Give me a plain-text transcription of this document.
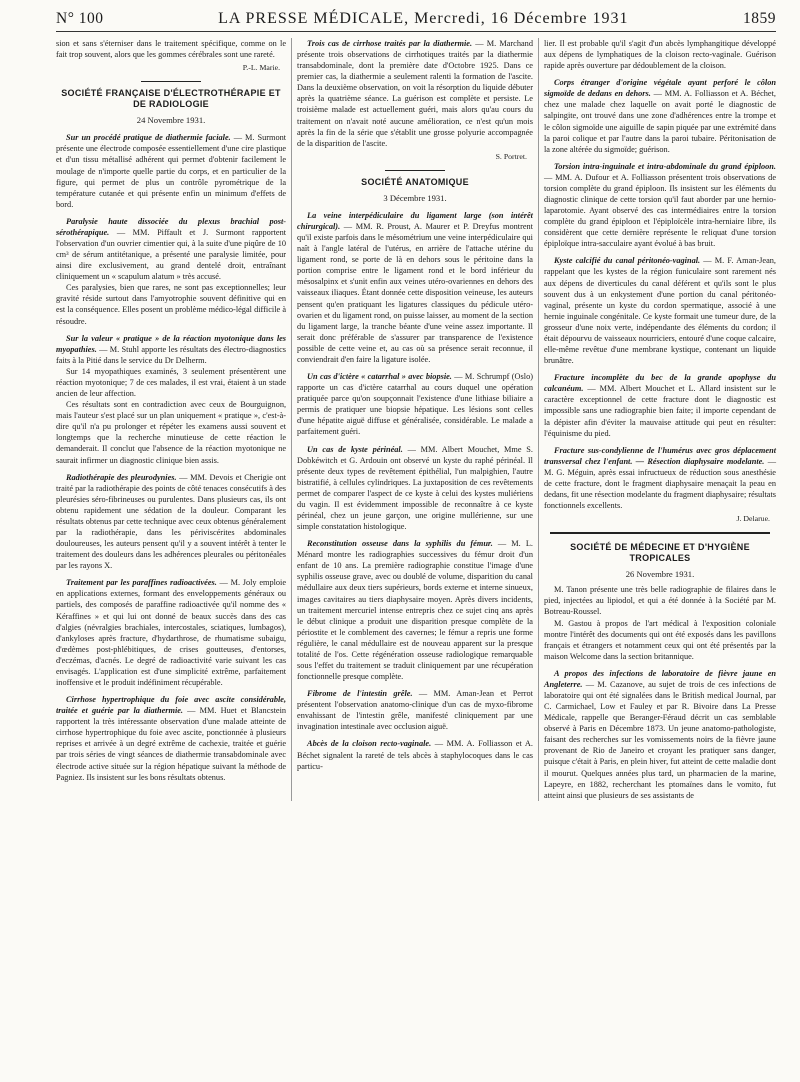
N° 100	LA PRESSE MÉDICALE, Mercredi, 16 Décembre 1931	1859

sion et sans s'éterniser dans le traitement spécifique, comme on le fait trop souvent, alors que les gommes cérébrales sont une rareté.

P.-L. Marie.
SOCIÉTÉ FRANÇAISE D'ÉLECTROTHÉRAPIE ET DE RADIOLOGIE
24 Novembre 1931.

Sur un procédé pratique de diathermie faciale. — M. Surmont présente une électrode composée essentiellement d'une cire plastique et d'un tissu métallisé adhérent qui permet d'obtenir facilement le moulage de n'importe quelle partie du corps, et en particulier de la figure, qui permet de plus un contrôle pyrométrique de la température cutanée et qui présente enfin un minimum d'effets de bord.

Paralysie haute dissociée du plexus brachial post-sérothérapique. — MM. Piffault et J. Surmont rapportent l'observation d'un ouvrier cimentier qui, à la suite d'une piqûre de 10 cm³ de sérum antitétanique, a présenté une paralysie limitée, pour ainsi dire exclusivement, au grand dentelé droit, entraînant cliniquement un « scapulum alatum » très accusé.

Ces paralysies, bien que rares, ne sont pas exceptionnelles; leur gravité réside surtout dans l'amyotrophie souvent définitive qui en est la conséquence. Elles posent un problème médico-légal difficile à résoudre.

Sur la valeur « pratique » de la réaction myotonique dans les myopathies. — M. Stuhl apporte les résultats des électro-diagnostics faits à la Pitié dans le service du Dr Delherm.

Sur 14 myopathiques examinés, 3 seulement présentèrent une réaction myotonique; 7 de ces malades, il est vrai, étaient à un stade ancien de leur affection.

Ces résultats sont en contradiction avec ceux de Bourguignon, mais l'auteur s'est placé sur un plan uniquement « pratique », c'est-à-dire qu'il n'a pu prolonger et répéter les examens aussi souvent et longtemps que la recherche minutieuse de cette réaction le demanderait. Il conclut que l'absence de la réaction myotonique ne saurait infirmer un diagnostic clinique bien assis.

Radiothérapie des pleurodynies. — MM. Devois et Cherigie ont traité par la radiothérapie des points de côté tenaces consécutifs à des pleurésies séro-fibrineuses ou purulentes. Dans plusieurs cas, ils ont obtenu rapidement une sédation de la douleur. Comparant les résultats obtenus par cette technique avec ceux obtenus généralement par la radiothérapie, dans les périviscérites abdominales douloureuses, les auteurs pensent qu'il y a souvent intérêt à tenter le traitement des douleurs dans les adhérences pleurales ou péritonéales par les rayons X.

Traitement par les paraffines radioactivées. — M. Joly emploie en applications externes, formant des enveloppements généraux ou partiels, des composés de paraffine radioactivée qu'il nomme des « Kéraffines » et qui lui ont donné de beaux succès dans des cas d'algies (névralgies brachiales, intercostales, sciatiques, lumbagos), d'ankyloses après fracture, d'hydarthrose, de rhumatisme subaigu, d'œdèmes post-phlébitiques, de crises goutteuses, d'entorses, d'eczémas, d'acnés. Le degré de radioactivité varie suivant les cas envisagés. L'application est d'une simplicité extrême, parfaitement inoffensive et le produit indéfiniment récupérable.

Cirrhose hypertrophique du foie avec ascite considérable, traitée et guérie par la diathermie. — MM. Huet et Blancstein rapportent la très intéressante observation d'une malade atteinte de cirrhose hypertrophique du foie avec ascite, ponctionnée à plusieurs reprises et arrivée à un degré extrême de cachexie, traitée et guérie par trois séries de vingt séances de diathermie transabdominale avec électrode active située sur la région hépatique suivant la méthode de Pagniez. Ils insistent sur les bons résultats obtenus.

Trois cas de cirrhose traités par la diathermie. — M. Marchand présente trois observations de cirrhotiques traités par la diathermie transabdominale, dont la première date d'Octobre 1925. Dans ce premier cas, la diathermie a seulement ralenti la formation de l'ascite. Dans la deuxième observation, on voit la résorption du liquide débuter après la quatrième séance. La guérison est complète et persiste. Le troisième malade est actuellement guéri, mais alors qu'au cours du traitement on n'avait noté aucune amélioration, ce n'est qu'un mois après la fin de la série que s'établit une grosse polyurie accompagnée de la disparition de l'ascite.

S. Portret.
SOCIÉTÉ ANATOMIQUE
3 Décembre 1931.

La veine interpédiculaire du ligament large (son intérêt chirurgical). — MM. R. Proust, A. Maurer et P. Dreyfus montrent qu'il existe parfois dans le mésométrium une veine interpédiculaire qui naît à l'angle latéral de l'utérus, en arrière de l'attache utérine du ligament rond, se porte de là en dehors sous le péritoine dans la portion comprise entre le ligament rond et le bord inférieur du mésosalpinx et s'unit enfin aux veines utéro-ovariennes en dehors des vaisseaux iliaques. Étant donnée cette disposition veineuse, les auteurs pensent qu'en pratiquant les ligatures classiques du pédicule utéro-ovarien et du ligament rond, on puisse laisser, au moment de la section du ligament large, la tranche béante d'une veine assez importante. Il serait donc préférable de s'assurer par transparence de l'existence possible de cette veine et, au cas où sa présence serait reconnue, il conviendrait d'en faire la ligature isolée.

Un cas d'ictère « catarrhal » avec biopsie. — M. Schrumpf (Oslo) rapporte un cas d'ictère catarrhal au cours duquel une opération pratiquée parce qu'on soupçonnait l'existence d'une lithiase biliaire a permis de pratiquer une biopsie hépatique. Les lésions sont celles d'une hépatite aiguë diffuse et généralisée, considérable. Le malade a parfaitement guéri.

Un cas de kyste périnéal. — MM. Albert Mouchet, Mme S. Dobkéwitch et G. Ardouin ont observé un kyste du raphé périnéal. Il présente deux types de revêtement épithélial, l'un malpighien, l'autre bistratifié, à cellules cylindriques. La juxtaposition de ces revêtements permet de comparer l'aspect de ce kyste à celui des kystes muliériens du vagin. Il est évidemment impossible de reconnaître à ce kyste périnéal, chez un jeune garçon, une origine mullérienne, sur une simple constatation histologique.

Reconstitution osseuse dans la syphilis du fémur. — M. L. Ménard montre les radiographies successives du fémur droit d'un enfant de 10 ans. La première radiographie constitue l'image d'une syphilis osseuse grave, avec ou doublé de volume, disparition du canal médullaire aux deux tiers supérieurs, bords externe et interne sinueux, images cavitaires au tiers diaphysaire moyen. Après divers incidents, un traitement mercuriel intense entrepris chez ce sujet cinq ans après le début clinique a produit une disparition presque complète de la périostite et le comblement des cavernes; le fémur a repris une forme régulière, le canal médullaire est de nouveau apparent sur la presque totalité de l'os. Cette régénération osseuse radiologique remarquable sous l'effet du traitement se traduit cliniquement par une récupération fonctionnelle presque complète.

Fibrome de l'intestin grêle. — MM. Aman-Jean et Perrot présentent l'observation anatomo-clinique d'un cas de myxo-fibrome envahissant de l'intestin grêle, manifesté cliniquement par une invagination intestinale avec occlusion aiguë.

Abcès de la cloison recto-vaginale. — MM. A. Folliasson et A. Béchet signalent la rareté de tels abcès à staphylocoques dans le cas particu-

lier. Il est probable qu'il s'agit d'un abcès lymphangitique développé aux dépens de lymphatiques de la cloison recto-vaginale. Guérison rapide après ouverture par dédoublement de la cloison.

Corps étranger d'origine végétale ayant perforé le côlon sigmoïde de dedans en dehors. — MM. A. Folliasson et A. Béchet, chez une malade chez laquelle on avait porté le diagnostic de salpingite, ont trouvé dans une zone d'adhérences entre la trompe et le côlon sigmoïde une aiguille de sapin piquée par une extrémité dans la paroi colique et par l'autre dans la paroi tubaire. Péritonisation de la zone altérée du sigmoïde; guérison.

Torsion intra-inguinale et intra-abdominale du grand épiploon. — MM. A. Dufour et A. Folliasson présentent trois observations de torsion complète du grand épiploon. Ils insistent sur les éléments du diagnostic clinique de cette torsion qu'il faut aborder par une hernio-laparotomie. Ayant observé des cas intermédiaires entre la torsion complète du grand épiploon et l'épiploïcèle intra-herniaire libre, ils considèrent que cette dernière représente le reliquat d'une torsion épiploïque intra-sacculaire ayant évolué à bas bruit.

Kyste calcifié du canal péritonéo-vaginal. — M. F. Aman-Jean, rappelant que les kystes de la région funiculaire sont rarement nés aux dépens de diverticules du canal déférent et qu'ils sont le plus souvent dus à un enkystement d'une portion du canal péritonéo-vaginal, présente un kyste du cordon spermatique, associé à une hernie inguinale congénitale. Ce kyste formait une tumeur dure, de la grosseur d'une noix verte, indépendante des éléments du cordon; il était dépourvu de vaisseaux nourriciers, entouré d'une coque calcaire, elle-même revêtue d'une membrane kystique, contenant un liquide brunâtre.

Fracture incomplète du bec de la grande apophyse du calcanéum. — MM. Albert Mouchet et L. Allard insistent sur le caractère exceptionnel de cette fracture dont le diagnostic est impossible sans une radiographie bien faite; il importe cependant de la dépister afin d'éviter la mauvaise attitude qui peut en résulter: l'équinisme du pied.

Fracture sus-condylienne de l'humérus avec gros déplacement transversal chez l'enfant. — Résection diaphysaire modelante. — M. G. Méguin, après essai infructueux de réduction sous anesthésie de cette fracture, dont le fragment diaphysaire menaçait la peau en dedans, fit une résection modelante du fragment diaphysaire; résultats fonctionnels excellents.

J. Delarue.
SOCIÉTÉ DE MÉDECINE ET D'HYGIÈNE TROPICALES
26 Novembre 1931.

M. Tanon présente une très belle radiographie de filaires dans le pied, injectées au lipiodol, et qui a été donnée à la Société par M. Botreau-Roussel.

M. Gastou à propos de l'art médical à l'exposition coloniale montre l'intérêt des documents qui ont été exposés dans les pavillons français et étrangers et notamment ceux qui ont été présentés par la maison Welcome dans la section britannique.

A propos des infections de laboratoire de fièvre jaune en Angleterre. — M. Cazanove, au sujet de trois de ces infections de laboratoire qui ont été signalées dans le British medical Journal, par C. Carmichael, Low et Fauley et par R. Bivoire dans La Presse Médicale, rappelle que Beranger-Féraud décrit un cas semblable observé à Paris en Décembre 1873. Un jeune anatomo-pathologiste, faisant des recherches sur les vomissements noirs de la fièvre jaune provenant de Rio de Janeiro et croyant les pratiquer sans danger, puisque c'était à Paris, en plein hiver, fut atteint de cette maladie dont il mourut. Quelques années plus tard, un pharmacien de la marine, Lapeyre, en 1882, recherchant les ptomaïnes dans le vomito, fut atteint ainsi que plusieurs de ses assistants de
